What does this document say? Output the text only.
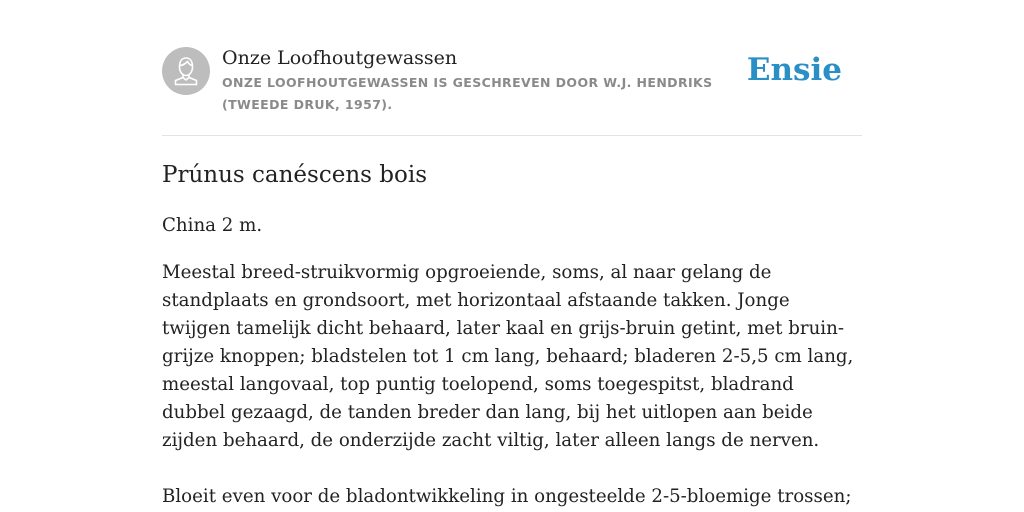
Onze Loofhoutgewassen
ONZE LOOFHOUTGEWASSEN IS GESCHREVEN DOOR W.J. HENDRIKS (TWEEDE DRUK, 1957).
Ensie
Prúnus canéscens bois

China 2 m.

Meestal breed-struikvormig opgroeiende, soms, al naar gelang de standplaats en grondsoort, met horizontaal afstaande takken. Jonge twijgen tamelijk dicht behaard, later kaal en grijs-bruin getint, met bruin-grijze knoppen; bladstelen tot 1 cm lang, behaard; bladeren 2-5,5 cm lang, meestal langovaal, top puntig toelopend, soms toegespitst, bladrand dubbel gezaagd, de tanden breder dan lang, bij het uitlopen aan beide zijden behaard, de onderzijde zacht viltig, later alleen langs de nerven.

Bloeit even voor de bladontwikkeling in ongesteelde 2-5-bloemige trossen;
